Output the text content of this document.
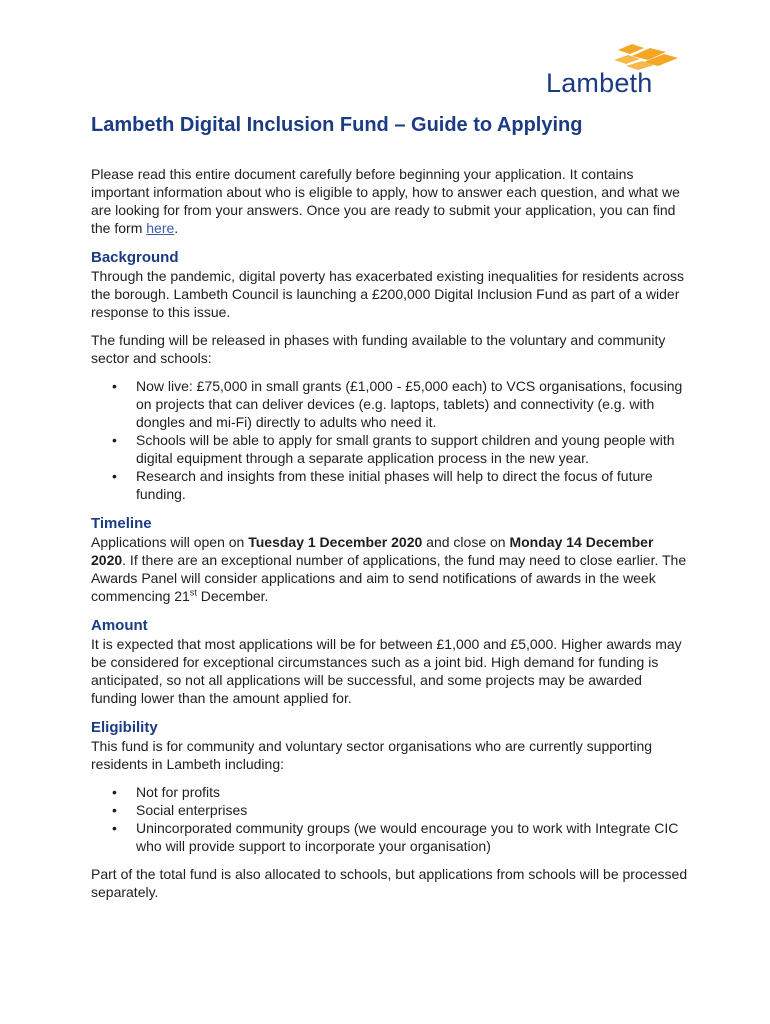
Lambeth
Lambeth Digital Inclusion Fund – Guide to Applying

Please read this entire document carefully before beginning your application. It contains important information about who is eligible to apply, how to answer each question, and what we are looking for from your answers. Once you are ready to submit your application, you can find the form here.

Background

Through the pandemic, digital poverty has exacerbated existing inequalities for residents across the borough. Lambeth Council is launching a £200,000 Digital Inclusion Fund as part of a wider response to this issue.

The funding will be released in phases with funding available to the voluntary and community sector and schools:

• Now live: £75,000 in small grants (£1,000 - £5,000 each) to VCS organisations, focusing on projects that can deliver devices (e.g. laptops, tablets) and connectivity (e.g. with dongles and mi-Fi) directly to adults who need it.
• Schools will be able to apply for small grants to support children and young people with digital equipment through a separate application process in the new year.
• Research and insights from these initial phases will help to direct the focus of future funding.
Timeline

Applications will open on Tuesday 1 December 2020 and close on Monday 14 December 2020. If there are an exceptional number of applications, the fund may need to close earlier. The Awards Panel will consider applications and aim to send notifications of awards in the week commencing 21st December.

Amount

It is expected that most applications will be for between £1,000 and £5,000. Higher awards may be considered for exceptional circumstances such as a joint bid. High demand for funding is anticipated, so not all applications will be successful, and some projects may be awarded funding lower than the amount applied for.

Eligibility

This fund is for community and voluntary sector organisations who are currently supporting residents in Lambeth including:

• Not for profits
• Social enterprises
• Unincorporated community groups (we would encourage you to work with Integrate CIC who will provide support to incorporate your organisation)

Part of the total fund is also allocated to schools, but applications from schools will be processed separately.
